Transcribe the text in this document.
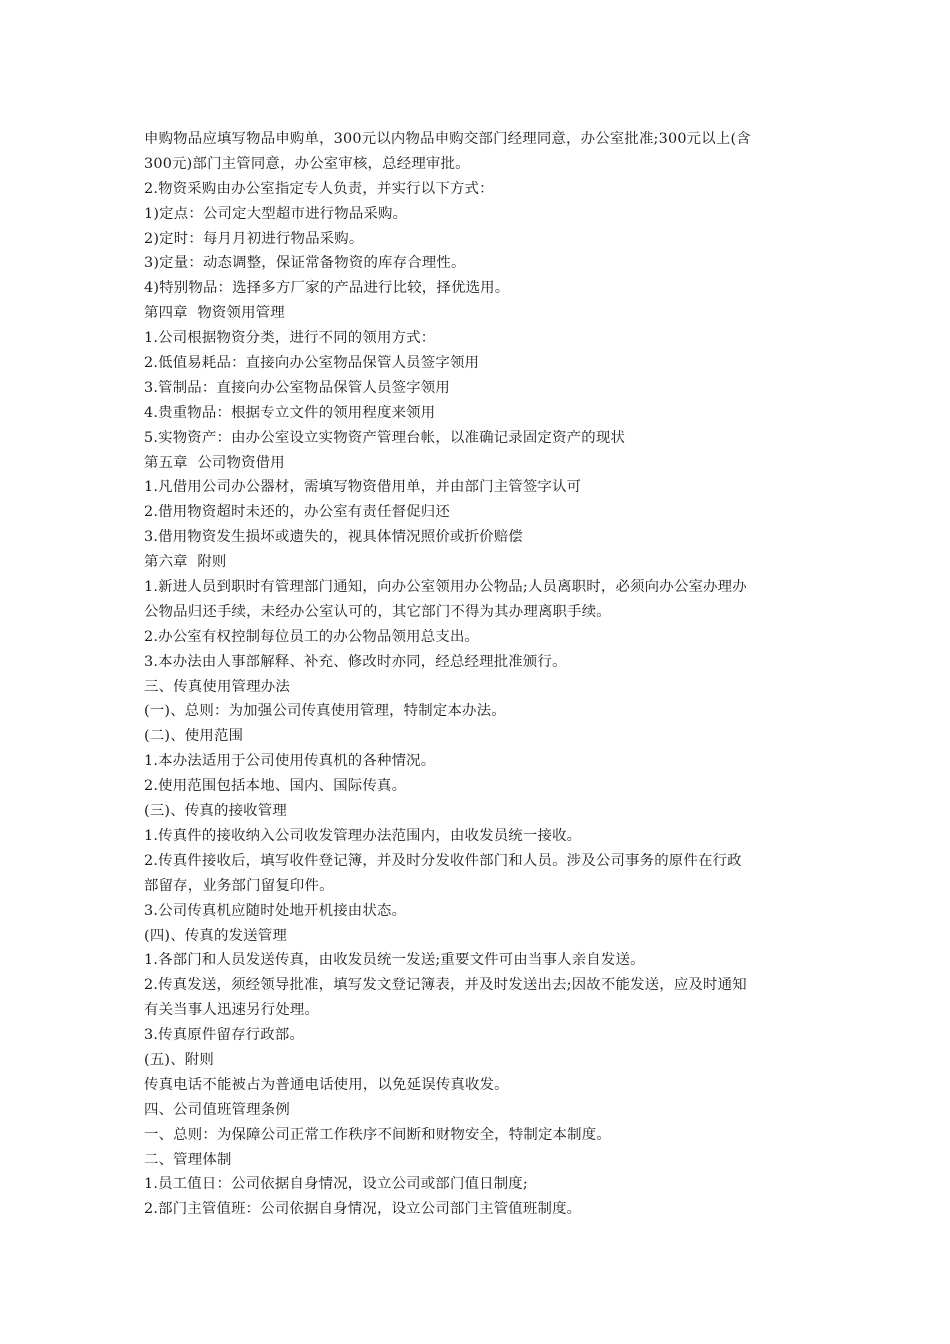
申购物品应填写物品申购单，300元以内物品申购交部门经理同意，办公室批准;300元以上(含

300元)部门主管同意，办公室审核，总经理审批。

2.物资采购由办公室指定专人负责，并实行以下方式：

1)定点：公司定大型超市进行物品采购。

2)定时：每月月初进行物品采购。

3)定量：动态调整，保证常备物资的库存合理性。

4)特别物品：选择多方厂家的产品进行比较，择优选用。

第四章  物资领用管理

1.公司根据物资分类，进行不同的领用方式：

2.低值易耗品：直接向办公室物品保管人员签字领用

3.管制品：直接向办公室物品保管人员签字领用

4.贵重物品：根据专立文件的领用程度来领用

5.实物资产：由办公室设立实物资产管理台帐，以准确记录固定资产的现状

第五章  公司物资借用

1.凡借用公司办公器材，需填写物资借用单，并由部门主管签字认可

2.借用物资超时未还的，办公室有责任督促归还

3.借用物资发生损坏或遗失的，视具体情况照价或折价赔偿

第六章  附则

1.新进人员到职时有管理部门通知，向办公室领用办公物品;人员离职时，必须向办公室办理办

公物品归还手续，未经办公室认可的，其它部门不得为其办理离职手续。

2.办公室有权控制每位员工的办公物品领用总支出。

3.本办法由人事部解释、补充、修改时亦同，经总经理批准颁行。

三、传真使用管理办法

(一)、总则：为加强公司传真使用管理，特制定本办法。

(二)、使用范围

1.本办法适用于公司使用传真机的各种情况。

2.使用范围包括本地、国内、国际传真。

(三)、传真的接收管理

1.传真件的接收纳入公司收发管理办法范围内，由收发员统一接收。

2.传真件接收后，填写收件登记簿，并及时分发收件部门和人员。涉及公司事务的原件在行政

部留存，业务部门留复印件。

3.公司传真机应随时处地开机接由状态。

(四)、传真的发送管理

1.各部门和人员发送传真，由收发员统一发送;重要文件可由当事人亲自发送。

2.传真发送，须经领导批准，填写发文登记簿表，并及时发送出去;因故不能发送，应及时通知

有关当事人迅速另行处理。

3.传真原件留存行政部。

(五)、附则

传真电话不能被占为普通电话使用，以免延误传真收发。

四、公司值班管理条例

一、总则：为保障公司正常工作秩序不间断和财物安全，特制定本制度。

二、管理体制

1.员工值日：公司依据自身情况，设立公司或部门值日制度;

2.部门主管值班：公司依据自身情况，设立公司部门主管值班制度。
